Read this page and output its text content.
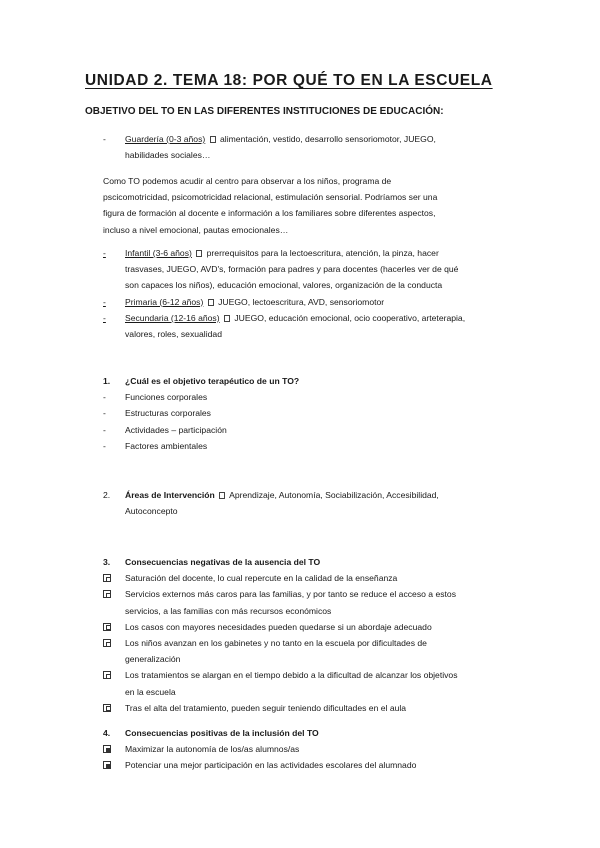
UNIDAD 2. TEMA 18: POR QUÉ TO EN LA ESCUELA
OBJETIVO DEL TO EN LAS DIFERENTES INSTITUCIONES DE EDUCACIÓN:
-	Guardería (0-3 años) alimentación, vestido, desarrollo sensoriomotor, JUEGO,
habilidades sociales…
Como TO podemos acudir al centro para observar a los niños, programa de
pscicomotricidad, psicomotricidad relacional, estimulación sensorial. Podríamos ser una
figura de formación al docente e información a los familiares sobre diferentes aspectos,
incluso a nivel emocional, pautas emocionales…
-	Infantil (3-6 años) prerrequisitos para la lectoescritura, atención, la pinza, hacer
trasvases, JUEGO, AVD's, formación para padres y para docentes (hacerles ver de qué
son capaces los niños), educación emocional, valores, organización de la conducta
-	Primaria (6-12 años) JUEGO, lectoescritura, AVD, sensoriomotor
-	Secundaria (12-16 años) JUEGO, educación emocional, ocio cooperativo, arteterapia,
valores, roles, sexualidad
1.	¿Cuál es el objetivo terapéutico de un TO?
-	Funciones corporales
-	Estructuras corporales
-	Actividades – participación
-	Factores ambientales
2.	Áreas de Intervención Aprendizaje, Autonomía, Sociabilización, Accesibilidad,
Autoconcepto
3.	Consecuencias negativas de la ausencia del TO
Saturación del docente, lo cual repercute en la calidad de la enseñanza
Servicios externos más caros para las familias, y por tanto se reduce el acceso a estos
servicios, a las familias con más recursos económicos
Los casos con mayores necesidades pueden quedarse si un abordaje adecuado
Los niños avanzan en los gabinetes y no tanto en la escuela por dificultades de
generalización
Los tratamientos se alargan en el tiempo debido a la dificultad de alcanzar los objetivos
en la escuela
Tras el alta del tratamiento, pueden seguir teniendo dificultades en el aula
4.	Consecuencias positivas de la inclusión del TO
Maximizar la autonomía de los/as alumnos/as
Potenciar una mejor participación en las actividades escolares del alumnado
